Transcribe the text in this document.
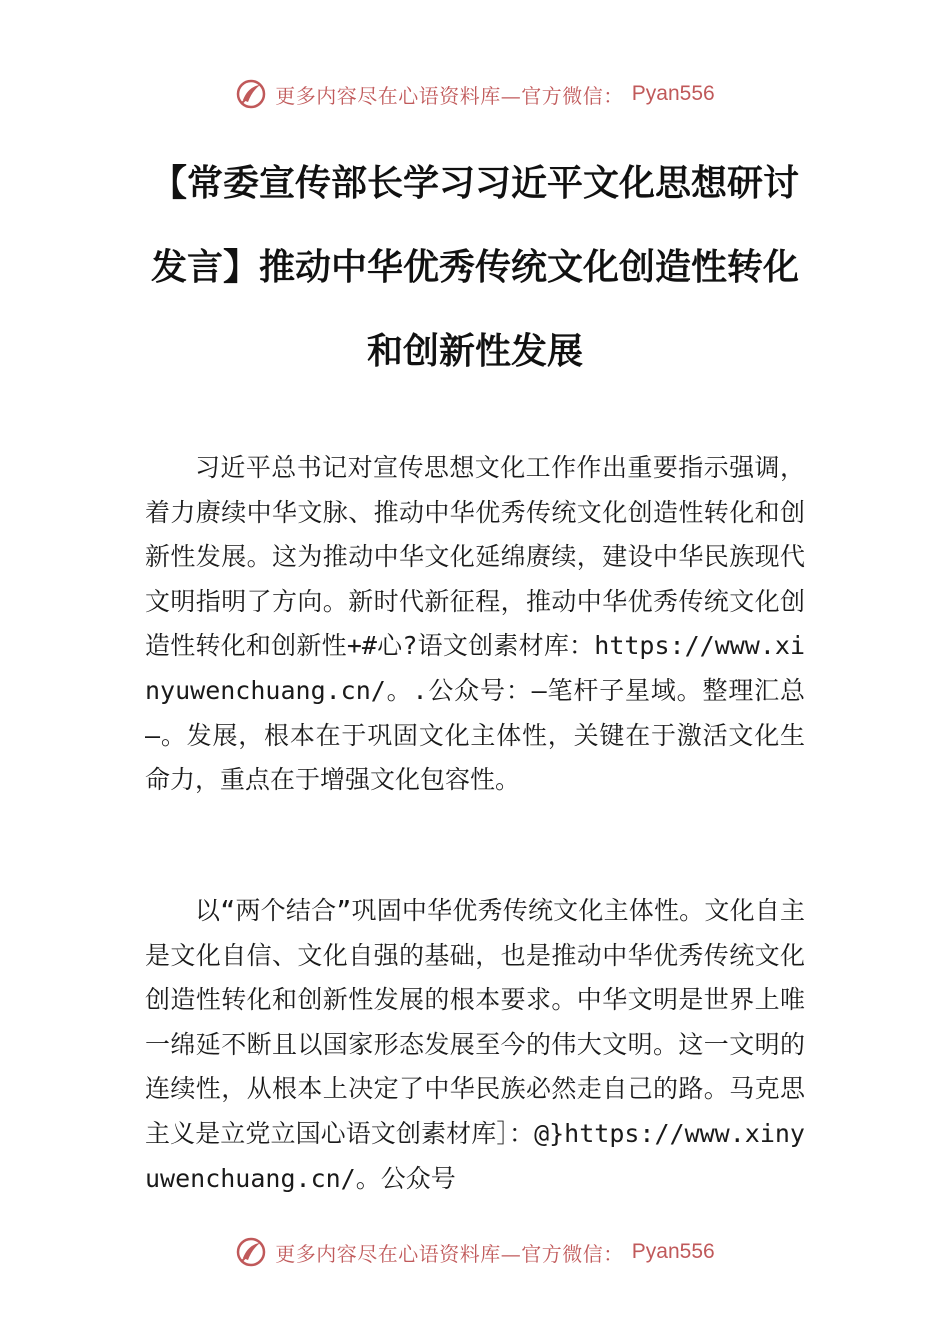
更多内容尽在心语资料库—官方微信： Pyan556
【常委宣传部长学习习近平文化思想研讨发言】推动中华优秀传统文化创造性转化和创新性发展

习近平总书记对宣传思想文化工作作出重要指示强调，着力赓续中华文脉、推动中华优秀传统文化创造性转化和创新性发展。这为推动中华文化延绵赓续，建设中华民族现代文明指明了方向。新时代新征程，推动中华优秀传统文化创造性转化和创新性+#心?语文创素材库：https://www.xinyuwenchuang.cn/。.公众号：—笔杆子星域。整理汇总—。发展，根本在于巩固文化主体性，关键在于激活文化生命力，重点在于增强文化包容性。

以“两个结合”巩固中华优秀传统文化主体性。文化自主是文化自信、文化自强的基础，也是推动中华优秀传统文化创造性转化和创新性发展的根本要求。中华文明是世界上唯一绵延不断且以国家形态发展至今的伟大文明。这一文明的连续性，从根本上决定了中华民族必然走自己的路。马克思主义是立党立国心语文创素材库］：@}https://www.xinyuwenchuang.cn/。公众号

更多内容尽在心语资料库—官方微信： Pyan556
